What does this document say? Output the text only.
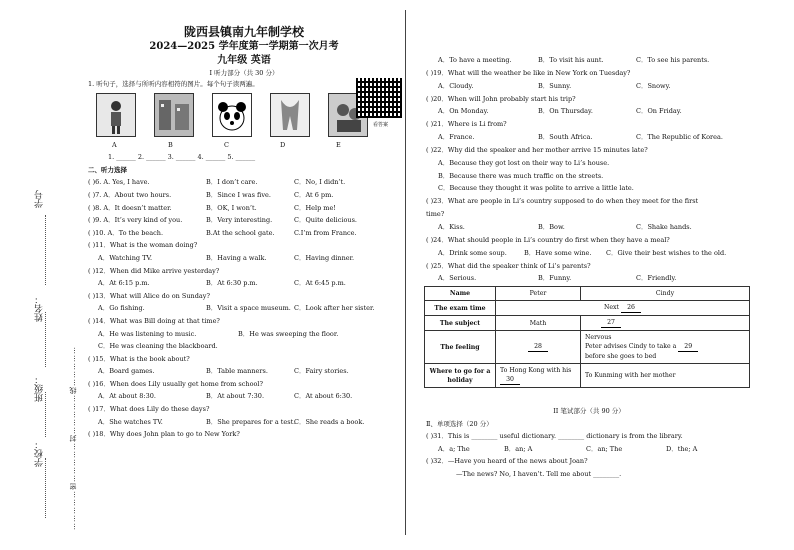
学校：
班级：
姓名：
学号
……………密……………封……………线……………
陇西县镇南九年制学校
2024—2025 学年度第一学期第一次月考
九年级 英语
I 听力部分（共 30 分）
1. 听句子，选择与所听内容相符的图片。每个句子读两遍。
A	B	C	D	E
1. ______ 2. ______ 3. ______ 4. ______ 5. ______
二、听力选择
( )6. A. Yes, I have.	B．I don’t care.	C．No, I didn’t.
( )7. A．About two hours.	B．Since I was five.	C．At 6 pm.
( )8. A．It doesn’t matter.	B．OK, I won’t.	C．Help me!
( )9. A．It’s very kind of you.	B．Very interesting.	C．Quite delicious.
( )10. A．To the beach.	B.At the school gate.	C.I’m from France.
( )11．What is the woman doing?
A．Watching TV.	B．Having a walk.	C．Having dinner.
( )12．When did Mike arrive yesterday?
A．At 6:15 p.m.	B．At 6:30 p.m.	C．At 6:45 p.m.
( )13．What will Alice do on Sunday?
A．Go fishing.	B．Visit a space museum. C．Look after her sister.
( )14．What was Bill doing at that time?
A．He was listening to music.	B．He was sweeping the floor.
C．He was cleaning the blackboard.
( )15．What is the book about?
A．Board games.	B．Table manners.	C．Fairy stories.
( )16．When does Lily usually get home from school?
A．At about 8:30.	B．At about 7:30.	C．At about 6:30.
( )17．What does Lily do these days?
A．She watches TV.	B．She prepares for a test.
C．She reads a book.
( )18．Why does John plan to go to New York?
看答案
A．To have a meeting.	B．To visit his aunt.	C．To see his parents.
( )19．What will the weather be like in New York on Tuesday?
A．Cloudy.	B．Sunny.	C．Snowy.
( )20．When will John probably start his trip?
A．On Monday.	B．On Thursday.	C．On Friday.
( )21．Where is Li from?
A．France.	B．South Africa.	C．The Republic of Korea.
( )22．Why did the speaker and her mother arrive 15 minutes late?
A．Because they got lost on their way to Li’s house.
B．Because there was much traffic on the streets.
C．Because they thought it was polite to arrive a little late.
( )23．What are people in Li’s country supposed to do when they meet for the first
time?
A．Kiss.	B．Bow.	C．Shake hands.
( )24．What should people in Li’s country do first when they have a meal?
A．Drink some soup.	B．Have some wine. C．Give their best wishes to the old.
( )25．What did the speaker think of Li’s parents?
A．Serious.	B．Funny.	C．Friendly.
Name	Peter	Cindy
The exam time	Next 26	
The subject	Math	27
The feeling	28	Nervous
Peter advises Cindy to take a 29
before she goes to bed

Where to go for a holiday	To Hong Kong with his 30	To Kunming with her mother
II 笔试部分（共 90 分）
Ⅱ、单项选择（20 分）
( )31．This is ________ useful dictionary. ________ dictionary is from the library.
A．a; The	B．an; A	C．an; The	D．the; A
( )32．—Have you heard of the news about Joan?
—The news? No, I haven’t. Tell me about ________.
